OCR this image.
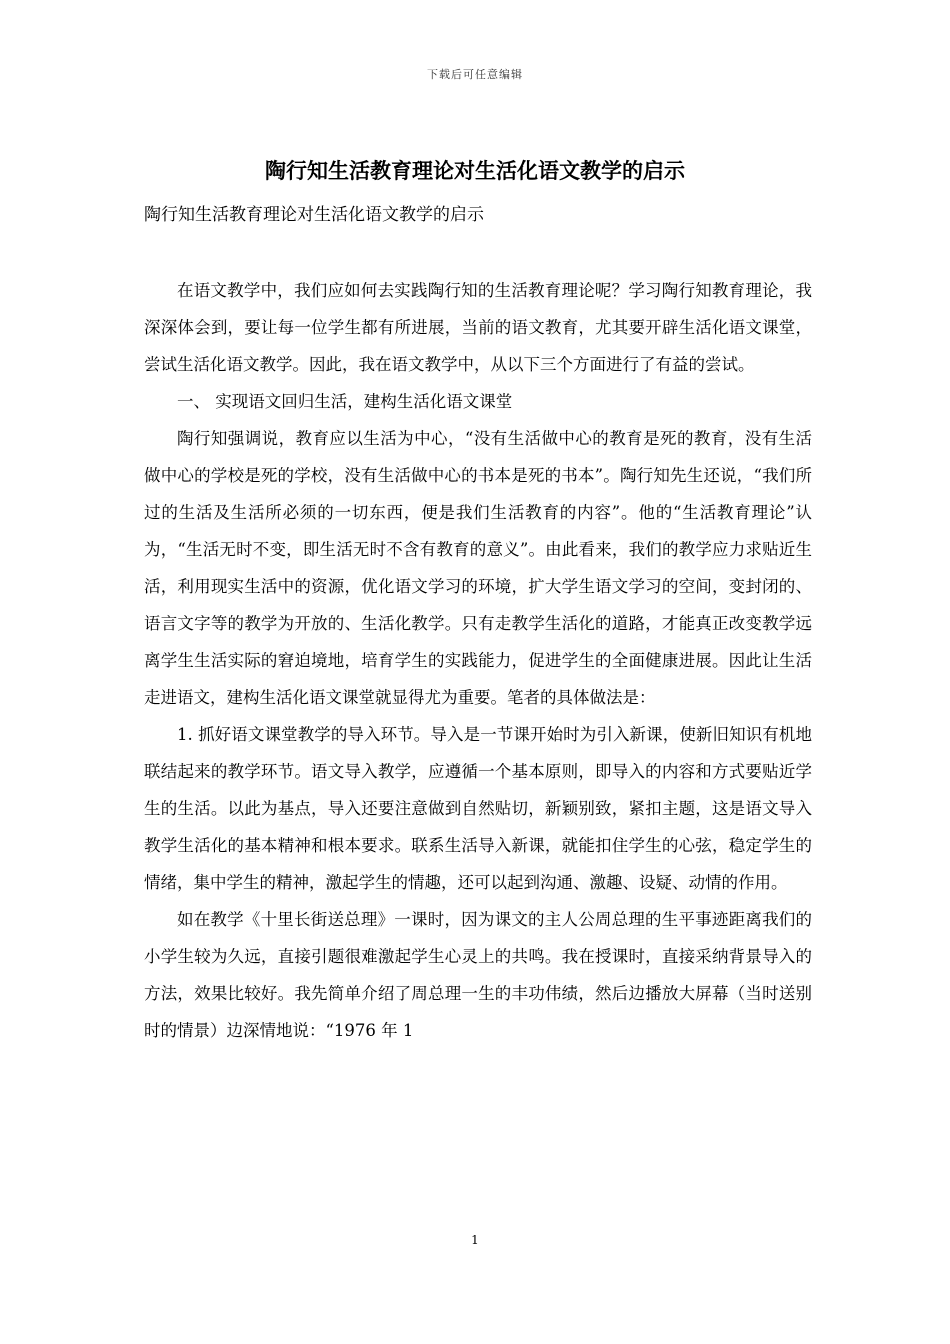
下载后可任意编辑
陶行知生活教育理论对生活化语文教学的启示

陶行知生活教育理论对生活化语文教学的启示

在语文教学中，我们应如何去实践陶行知的生活教育理论呢？学习陶行知教育理论，我深深体会到，要让每一位学生都有所进展，当前的语文教育，尤其要开辟生活化语文课堂，尝试生活化语文教学。因此，我在语文教学中，从以下三个方面进行了有益的尝试。

一、 实现语文回归生活，建构生活化语文课堂

陶行知强调说，教育应以生活为中心，“没有生活做中心的教育是死的教育，没有生活做中心的学校是死的学校，没有生活做中心的书本是死的书本”。陶行知先生还说，“我们所过的生活及生活所必须的一切东西，便是我们生活教育的内容”。他的“生活教育理论”认为，“生活无时不变，即生活无时不含有教育的意义”。由此看来，我们的教学应力求贴近生活，利用现实生活中的资源，优化语文学习的环境，扩大学生语文学习的空间，变封闭的、语言文字等的教学为开放的、生活化教学。只有走教学生活化的道路，才能真正改变教学远离学生生活实际的窘迫境地，培育学生的实践能力，促进学生的全面健康进展。因此让生活走进语文，建构生活化语文课堂就显得尤为重要。笔者的具体做法是：

1. 抓好语文课堂教学的导入环节。导入是一节课开始时为引入新课，使新旧知识有机地联结起来的教学环节。语文导入教学，应遵循一个基本原则，即导入的内容和方式要贴近学生的生活。以此为基点，导入还要注意做到自然贴切，新颖别致，紧扣主题，这是语文导入教学生活化的基本精神和根本要求。联系生活导入新课，就能扣住学生的心弦，稳定学生的情绪，集中学生的精神，激起学生的情趣，还可以起到沟通、激趣、设疑、动情的作用。

如在教学《十里长街送总理》一课时，因为课文的主人公周总理的生平事迹距离我们的小学生较为久远，直接引题很难激起学生心灵上的共鸣。我在授课时，直接采纳背景导入的方法，效果比较好。我先简单介绍了周总理一生的丰功伟绩，然后边播放大屏幕（当时送别时的情景）边深情地说：“1976 年 1

1
